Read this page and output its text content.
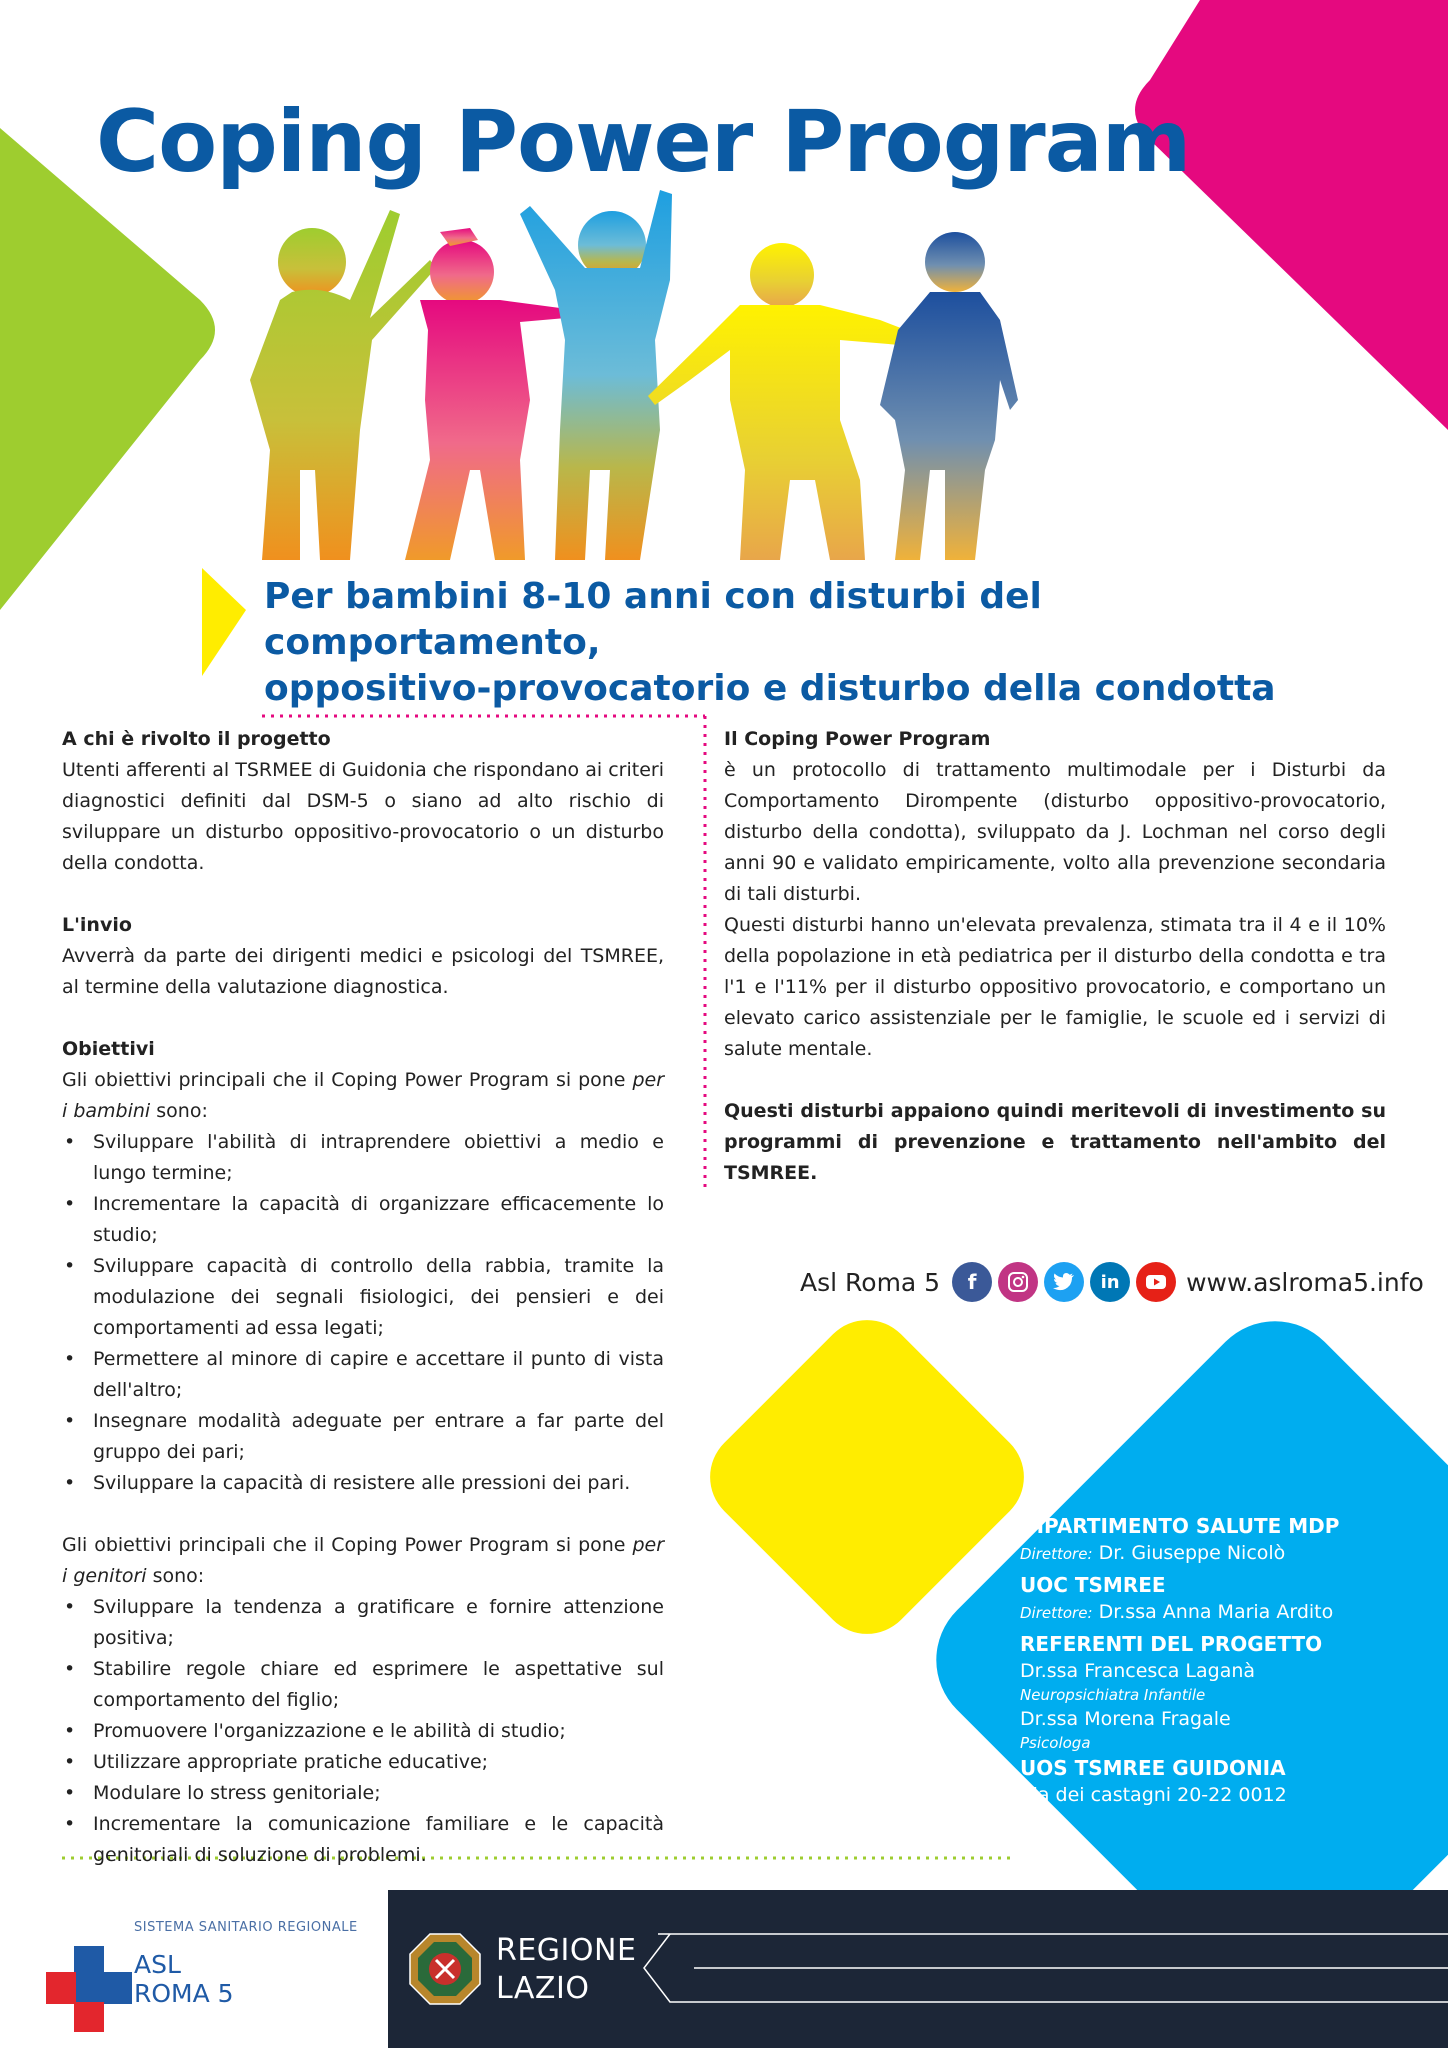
Coping Power Program
Per bambini 8-10 anni con disturbi del comportamento,
oppositivo-provocatorio e disturbo della condotta
A chi è rivolto il progetto

Utenti afferenti al TSRMEE di Guidonia che rispondano ai criteri diagnostici definiti dal DSM-5 o siano ad alto rischio di sviluppare un disturbo oppositivo-provocatorio o un disturbo della condotta.

L'invio

Avverrà da parte dei dirigenti medici e psicologi del TSMREE, al termine della valutazione diagnostica.

Obiettivi

Gli obiettivi principali che il Coping Power Program si pone per i bambini sono:

• Sviluppare l'abilità di intraprendere obiettivi a medio e lungo termine;
• Incrementare la capacità di organizzare efficacemente lo studio;
• Sviluppare capacità di controllo della rabbia, tramite la modulazione dei segnali fisiologici, dei pensieri e dei comportamenti ad essa legati;
• Permettere al minore di capire e accettare il punto di vista dell'altro;
• Insegnare modalità adeguate per entrare a far parte del gruppo dei pari;
• Sviluppare la capacità di resistere alle pressioni dei pari.

Gli obiettivi principali che il Coping Power Program si pone per i genitori sono:

• Sviluppare la tendenza a gratificare e fornire attenzione positiva;
• Stabilire regole chiare ed esprimere le aspettative sul comportamento del figlio;
• Promuovere l'organizzazione e le abilità di studio;
• Utilizzare appropriate pratiche educative;
• Modulare lo stress genitoriale;
• Incrementare la comunicazione familiare e le capacità genitoriali di soluzione di problemi.
Il Coping Power Program

è un protocollo di trattamento multimodale per i Disturbi da Comportamento Dirompente (disturbo oppositivo-provocatorio, disturbo della condotta), sviluppato da J. Lochman nel corso degli anni 90 e validato empiricamente, volto alla prevenzione secondaria di tali disturbi.

Questi disturbi hanno un'elevata prevalenza, stimata tra il 4 e il 10% della popolazione in età pediatrica per il disturbo della condotta e tra l'1 e l'11% per il disturbo oppositivo provocatorio, e comportano un elevato carico assistenziale per le famiglie, le scuole ed i servizi di salute mentale.

Questi disturbi appaiono quindi meritevoli di investimento su programmi di prevenzione e trattamento nell'ambito del TSMREE.

Asl Roma 5	f	in	www.aslroma5.info
DIPARTIMENTO SALUTE MDP
Direttore: Dr. Giuseppe Nicolò
UOC TSMREE
Direttore: Dr.ssa Anna Maria Ardito
REFERENTI DEL PROGETTO
Dr.ssa Francesca Laganà
Neuropsichiatra Infantile
Dr.ssa Morena Fragale
Psicologa
UOS TSMREE GUIDONIA
Via dei castagni 20-22 0012
SISTEMA SANITARIO REGIONALE
ASL
ROMA 5
REGIONE
LAZIO
